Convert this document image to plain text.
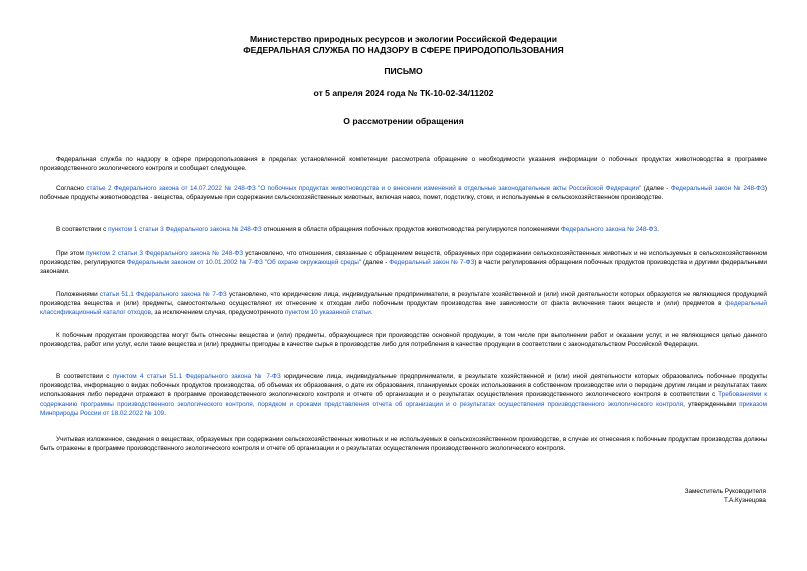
Министерство природных ресурсов и экологии Российской Федерации
ФЕДЕРАЛЬНАЯ СЛУЖБА ПО НАДЗОРУ В СФЕРЕ ПРИРОДОПОЛЬЗОВАНИЯ
ПИСЬМО
от 5 апреля 2024 года № ТК-10-02-34/11202
О рассмотрении обращения

Федеральная служба по надзору в сфере природопользования в пределах установленной компетенции рассмотрела обращение о необходимости указания информации о побочных продуктах животноводства в программе производственного экологического контроля и сообщает следующее.

Согласно статье 2 Федерального закона от 14.07.2022 № 248-ФЗ "О побочных продуктах животноводства и о внесении изменений в отдельные законодательные акты Российской Федерации" (далее - Федеральный закон № 248-ФЗ) побочные продукты животноводства - вещества, образуемые при содержании сельскохозяйственных животных, включая навоз, помет, подстилку, стоки, и используемые в сельскохозяйственном производстве.

В соответствии с пунктом 1 статьи 3 Федерального закона № 248-ФЗ отношения в области обращения побочных продуктов животноводства регулируются положениями Федерального закона № 248-ФЗ.

При этом пунктом 2 статьи 3 Федерального закона № 248-ФЗ установлено, что отношения, связанные с обращением веществ, образуемых при содержании сельскохозяйственных животных и не используемых в сельскохозяйственном производстве, регулируются Федеральным законом от 10.01.2002 № 7-ФЗ "Об охране окружающей среды" (далее - Федеральный закон № 7-ФЗ) в части регулирования обращения побочных продуктов производства и другими федеральными законами.

Положениями статьи 51.1 Федерального закона № 7-ФЗ установлено, что юридические лица, индивидуальные предприниматели, в результате хозяйственной и (или) иной деятельности которых образуются не являющиеся продукцией производства вещества и (или) предметы, самостоятельно осуществляют их отнесение к отходам либо побочным продуктам производства вне зависимости от факта включения таких веществ и (или) предметов в федеральный классификационный каталог отходов, за исключением случая, предусмотренного пунктом 10 указанной статьи.

К побочным продуктам производства могут быть отнесены вещества и (или) предметы, образующиеся при производстве основной продукции, в том числе при выполнении работ и оказании услуг, и не являющиеся целью данного производства, работ или услуг, если такие вещества и (или) предметы пригодны в качестве сырья в производстве либо для потребления в качестве продукции в соответствии с законодательством Российской Федерации.

В соответствии с пунктом 4 статьи 51.1 Федерального закона № 7-ФЗ юридические лица, индивидуальные предприниматели, в результате хозяйственной и (или) иной деятельности которых образовались побочные продукты производства, информацию о видах побочных продуктов производства, об объемах их образования, о дате их образования, планируемых сроках использования в собственном производстве или о передаче другим лицам и результатах таких использования либо передачи отражают в программе производственного экологического контроля и отчете об организации и о результатах осуществления производственного экологического контроля в соответствии с Требованиями к содержанию программы производственного экологического контроля, порядком и сроками представления отчета об организации и о результатах осуществления производственного экологического контроля, утвержденными приказом Минприроды России от 18.02.2022 № 109.

Учитывая изложенное, сведения о веществах, образуемых при содержании сельскохозяйственных животных и не используемых в сельскохозяйственном производстве, в случае их отнесения к побочным продуктам производства должны быть отражены в программе производственного экологического контроля и отчете об организации и о результатах осуществления производственного экологического контроля.

Заместитель Руководителя
Т.А.Кузнецова
